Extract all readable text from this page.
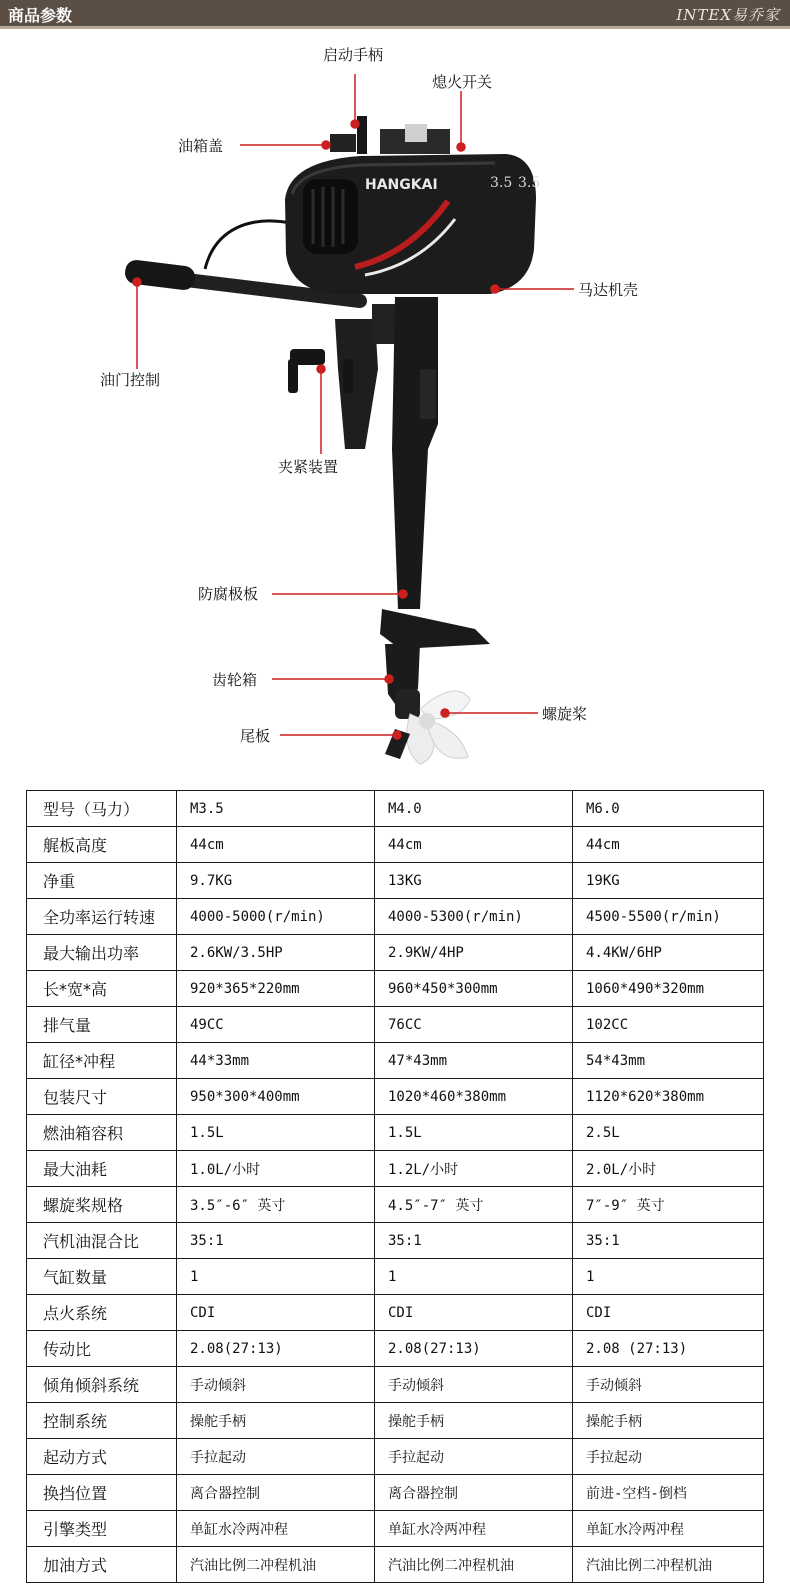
商品参数	INTEX易乔家
HANGKAI	3.5 3.5
启动手柄
熄火开关
油箱盖
马达机壳
油门控制
夹紧装置
防腐极板
齿轮箱
螺旋桨
尾板
型号（马力）	M3.5	M4.0	M6.0
艉板高度	44cm	44cm	44cm
净重	9.7KG	13KG	19KG
全功率运行转速	4000-5000(r/min)	4000-5300(r/min)	4500-5500(r/min)
最大输出功率	2.6KW/3.5HP	2.9KW/4HP	4.4KW/6HP
长*宽*高	920*365*220mm	960*450*300mm	1060*490*320mm
排气量	49CC	76CC	102CC
缸径*冲程	44*33mm	47*43mm	54*43mm
包装尺寸	950*300*400mm	1020*460*380mm	1120*620*380mm
燃油箱容积	1.5L	1.5L	2.5L
最大油耗	1.0L/小时	1.2L/小时	2.0L/小时
螺旋桨规格	3.5″-6″ 英寸	4.5″-7″ 英寸	7″-9″ 英寸
汽机油混合比	35:1	35:1	35:1
气缸数量	1	1	1
点火系统	CDI	CDI	CDI
传动比	2.08(27:13)	2.08(27:13)	2.08 (27:13)
倾角倾斜系统	手动倾斜	手动倾斜	手动倾斜
控制系统	操舵手柄	操舵手柄	操舵手柄
起动方式	手拉起动	手拉起动	手拉起动
换挡位置	离合器控制	离合器控制	前进-空档-倒档
引擎类型	单缸水冷两冲程	单缸水冷两冲程	单缸水冷两冲程
加油方式	汽油比例二冲程机油	汽油比例二冲程机油	汽油比例二冲程机油
